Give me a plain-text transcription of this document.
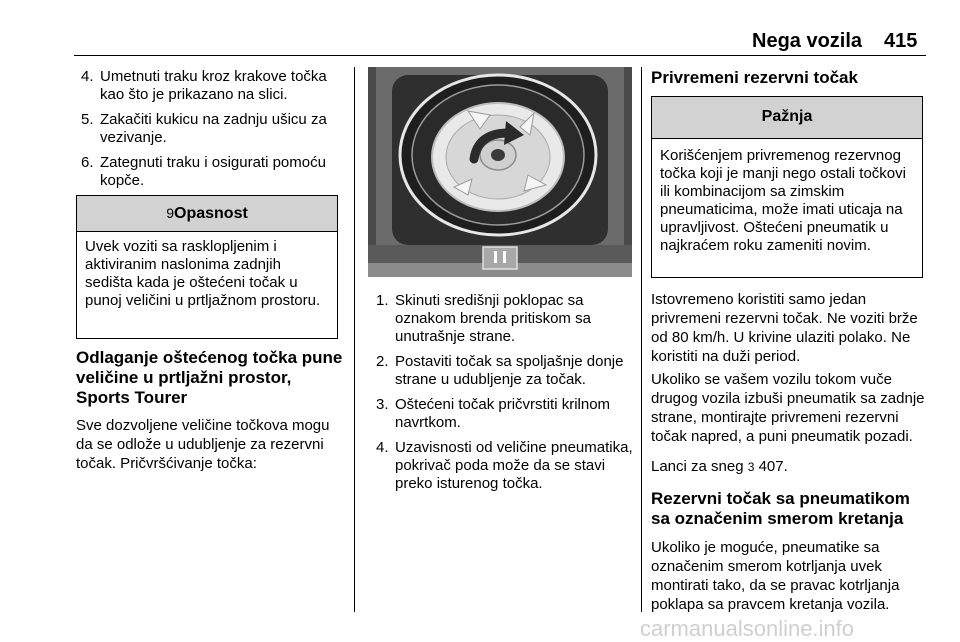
Nega vozila 415
4. Umetnuti traku kroz krakove točka kao što je prikazano na slici.
5. Zakačiti kukicu na zadnju ušicu za vezivanje.
6. Zategnuti traku i osigurati pomoću kopče.
9Opasnost
Uvek voziti sa rasklopljenim i aktiviranim naslonima zadnjih sedišta kada je oštećeni točak u punoj veličini u prtljažnom prostoru.
Odlaganje oštećenog točka pune veličine u prtljažni prostor, Sports Tourer
Sve dozvoljene veličine točkova mogu da se odlože u udubljenje za rezervni točak. Pričvršćivanje točka:
1. Skinuti središnji poklopac sa oznakom brenda pritiskom sa unutrašnje strane.
2. Postaviti točak sa spoljašnje donje strane u udubljenje za točak.
3. Oštećeni točak pričvrstiti krilnom navrtkom.
4. Uzavisnosti od veličine pneumatika, pokrivač poda može da se stavi preko isturenog točka.
Privremeni rezervni točak
Pažnja
Korišćenjem privremenog rezervnog točka koji je manji nego ostali točkovi ili kombinacijom sa zimskim pneumaticima, može imati uticaja na upravljivost. Oštećeni pneumatik u najkraćem roku zameniti novim.
Istovremeno koristiti samo jedan privremeni rezervni točak. Ne voziti brže od 80 km/h. U krivine ulaziti polako. Ne koristiti na duži period.
Ukoliko se vašem vozilu tokom vuče drugog vozila izbuši pneumatik sa zadnje strane, montirajte privremeni rezervni točak napred, a puni pneumatik pozadi.
Lanci za sneg 3 407.
Rezervni točak sa pneumatikom sa označenim smerom kretanja
Ukoliko je moguće, pneumatike sa označenim smerom kotrljanja uvek montirati tako, da se pravac kotrljanja poklapa sa pravcem kretanja vozila.
carmanualsonline.info
